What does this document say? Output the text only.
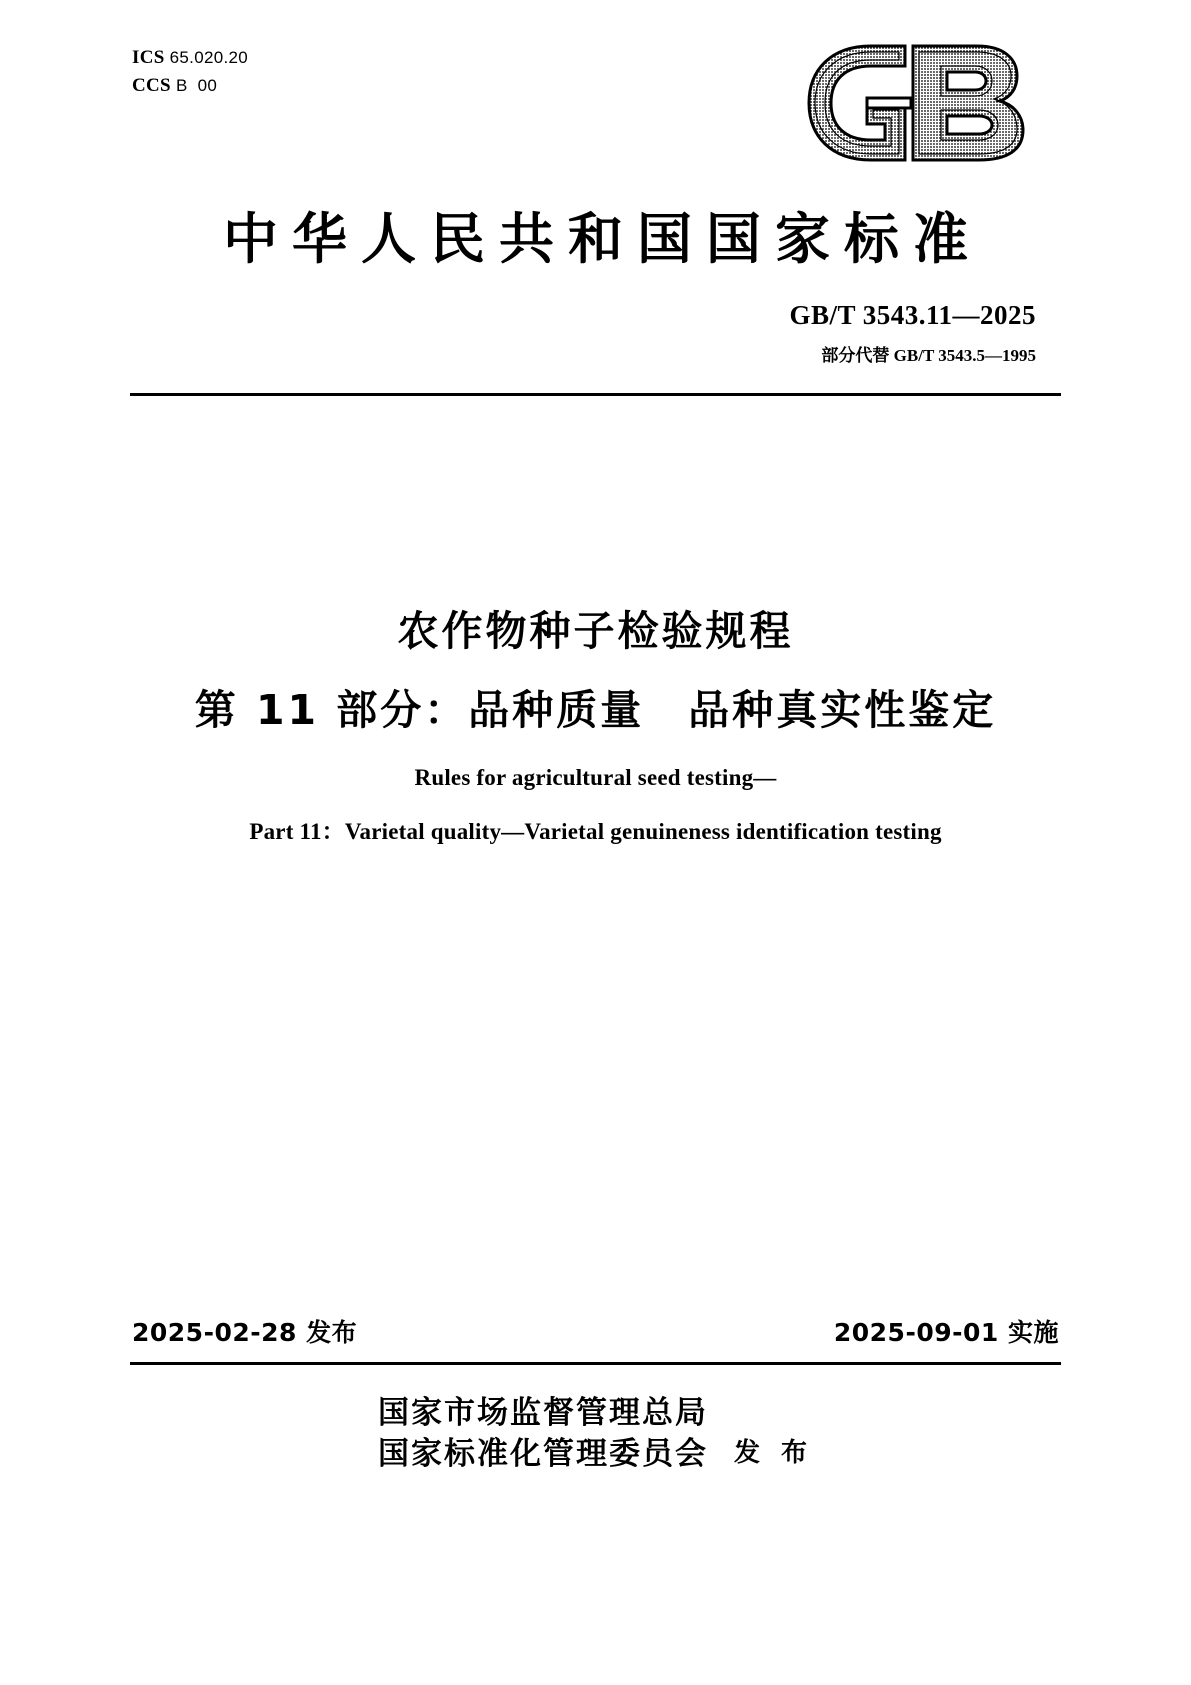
ICS 65.020.20
CCS B  00
中华人民共和国国家标准
GB/T 3543.11—2025
部分代替 GB/T 3543.5—1995
农作物种子检验规程
第 11 部分：品种质量　品种真实性鉴定
Rules for agricultural seed testing—
Part 11：Varietal quality—Varietal genuineness identification testing
2025-02-28 发布	2025-09-01 实施
国家市场监督管理总局
国家标准化管理委员会 发 布
